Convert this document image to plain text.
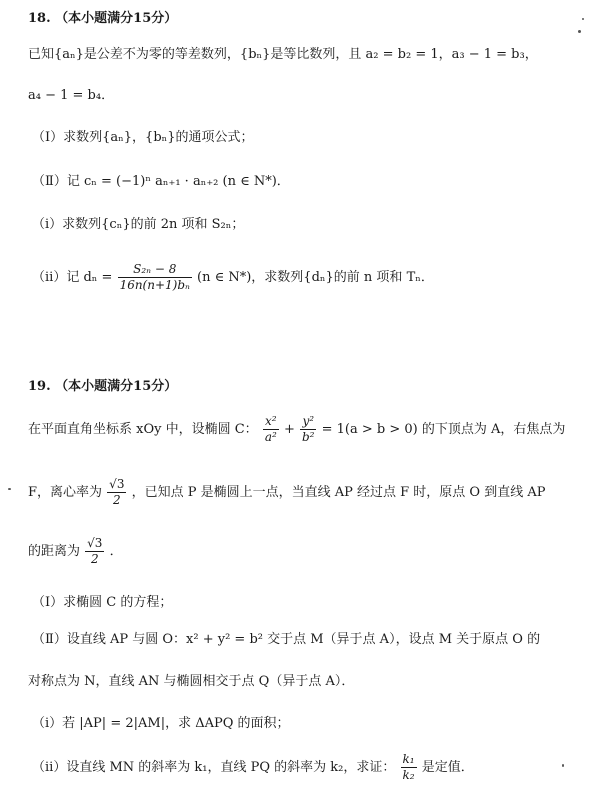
18. （本小题满分15分）
已知{aₙ}是公差不为零的等差数列，{bₙ}是等比数列，且 a₂ = b₂ = 1，a₃ − 1 = b₃，
a₄ − 1 = b₄．
（Ⅰ）求数列{aₙ}，{bₙ}的通项公式；
（Ⅱ）记 cₙ = (−1)ⁿ aₙ₊₁ · aₙ₊₂ (n ∈ N*)．
（ⅰ）求数列{cₙ}的前 2n 项和 S₂ₙ；
（ⅱ）记 $d_n = \frac{\text{S₂ₙ − 8}}{\text{16n(n+1)bₙ}} (n$ ∈ N*)，求数列{dₙ}的前 n 项和 Tₙ．
19. （本小题满分15分）
在平面直角坐标系 xOy 中，设椭圆 C： $\frac{\text{x²}}{\text{a²}} + \frac{\text{y²}}{\text{b²}} = 1(a > b > 0)$ 的下顶点为 A，右焦点为
F，离心率为 $\frac{√3}{2}$ ，已知点 P 是椭圆上一点，当直线 AP 经过点 F 时，原点 O 到直线 AP
的距离为 $\frac{√3}{2}$ ．
（Ⅰ）求椭圆 C 的方程；
（Ⅱ）设直线 AP 与圆 O：x² + y² = b² 交于点 M（异于点 A），设点 M 关于原点 O 的
对称点为 N，直线 AN 与椭圆相交于点 Q（异于点 A）．
（ⅰ）若 |AP| = 2|AM|，求 ΔAPQ 的面积；
（ⅱ）设直线 MN 的斜率为 k₁，直线 PQ 的斜率为 k₂，求证： $\frac{\text{k₁}}{\text{k₂}}$ 是定值．
